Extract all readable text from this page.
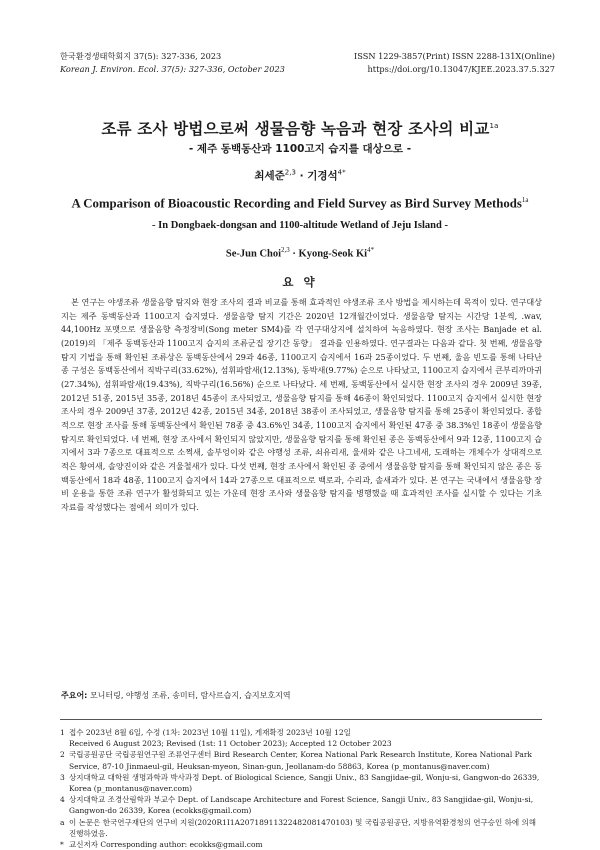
한국환경생태학회지 37(5): 327-336, 2023
Korean J. Environ. Ecol. 37(5): 327-336, October 2023
ISSN 1229-3857(Print) ISSN 2288-131X(Online)
https://doi.org/10.13047/KJEE.2023.37.5.327
조류 조사 방법으로써 생물음향 녹음과 현장 조사의 비교$^{1a}$
- 제주 동백동산과 1100고지 습지를 대상으로 -
최세준$^{2,3}$ · 기경석$^{4*}$
A Comparison of Bioacoustic Recording and Field Survey as Bird Survey Methods$^{1a}$
- In Dongbaek-dongsan and 1100-altitude Wetland of Jeju Island -
Se-Jun Choi$^{2,3}$ · Kyong-Seok $Ki^{4*}$
요 약
본 연구는 야생조류 생물음향 탐지와 현장 조사의 결과 비교를 통해 효과적인 야생조류 조사 방법을 제시하는데 목적이 있다. 연구대상지는 제주 동백동산과 1100고지 습지였다. 생물음향 탐지 기간은 2020년 12개월간이었다. 생물음향 탐지는 시간당 1분씩, .wav, 44,100Hz 포맷으로 생물음향 측정장비(Song meter SM4)를 각 연구대상지에 설치하여 녹음하였다. 현장 조사는 Banjade et al. (2019)의 「제주 동백동산과 1100고지 습지의 조류군집 장기간 동향」 결과를 인용하였다. 연구결과는 다음과 같다. 첫 번째, 생물음향 탐지 기법을 통해 확인된 조류상은 동백동산에서 29과 46종, 1100고지 습지에서 16과 25종이었다. 두 번째, 울음 빈도를 통해 나타난 종 구성은 동백동산에서 직박구리(33.62%), 섬휘파람새(12.13%), 동박새(9.77%) 순으로 나타났고, 1100고지 습지에서 큰부리까마귀(27.34%), 섬휘파람새(19.43%), 직박구리(16.56%) 순으로 나타났다. 세 번째, 동백동산에서 실시한 현장 조사의 경우 2009년 39종, 2012년 51종, 2015년 35종, 2018년 45종이 조사되었고, 생물음향 탐지를 통해 46종이 확인되었다. 1100고지 습지에서 실시한 현장 조사의 경우 2009년 37종, 2012년 42종, 2015년 34종, 2018년 38종이 조사되었고, 생물음향 탐지를 통해 25종이 확인되었다. 종합적으로 현장 조사를 통해 동백동산에서 확인된 78종 중 43.6%인 34종, 1100고지 습지에서 확인된 47종 중 38.3%인 18종이 생물음향 탐지로 확인되었다. 네 번째, 현장 조사에서 확인되지 않았지만, 생물음향 탐지를 통해 확인된 종은 동백동산에서 9과 12종, 1100고지 습지에서 3과 7종으로 대표적으로 소쩍새, 솔부엉이와 같은 야행성 조류, 쇠유리새, 울새와 같은 나그네새, 도래하는 개체수가 상대적으로 적은 황여새, 솔양진이와 같은 겨울철새가 있다. 다섯 번째, 현장 조사에서 확인된 종 중에서 생물음향 탐지를 통해 확인되지 않은 종은 동백동산에서 18과 48종, 1100고지 습지에서 14과 27종으로 대표적으로 백로과, 수리과, 솔새과가 있다. 본 연구는 국내에서 생물음향 장비 운용을 통한 조류 연구가 활성화되고 있는 가운데 현장 조사와 생물음향 탐지를 병행했을 때 효과적인 조사를 실시할 수 있다는 기초 자료를 작성했다는 점에서 의미가 있다.
주요어: 모니터링, 야행성 조류, 송미터, 람사르습지, 습지보호지역
1 접수 2023년 8월 6일, 수정 (1차: 2023년 10월 11일), 게재확정 2023년 10월 12일
Received 6 August 2023; Revised (1st: 11 October 2023); Accepted 12 October 2023
2 국립공원공단 국립공원연구원 조류연구센터 Bird Research Center, Korea National Park Research Institute, Korea National Park Service, 87-10 Jinmaeul-gil, Heuksan-myeon, Sinan-gun, Jeollanam-do 58863, Korea (p_montanus@naver.com)
3 상지대학교 대학원 생명과학과 박사과정 Dept. of Biological Science, Sangji Univ., 83 Sangjidae-gil, Wonju-si, Gangwon-do 26339, Korea (p_montanus@naver.com)
4 상지대학교 조경산림학과 부교수 Dept. of Landscape Architecture and Forest Science, Sangji Univ., 83 Sangjidae-gil, Wonju-si, Gangwon-do 26339, Korea (ecokks@gmail.com)
a 이 논문은 한국연구재단의 연구비 지원(2020R1I1A2071891132248208147010​3) 및 국립공원공단, 지방유역환경청의 연구승인 하에 의해 진행하였음.
* 교신저자 Corresponding author: ecokks@gmail.com
